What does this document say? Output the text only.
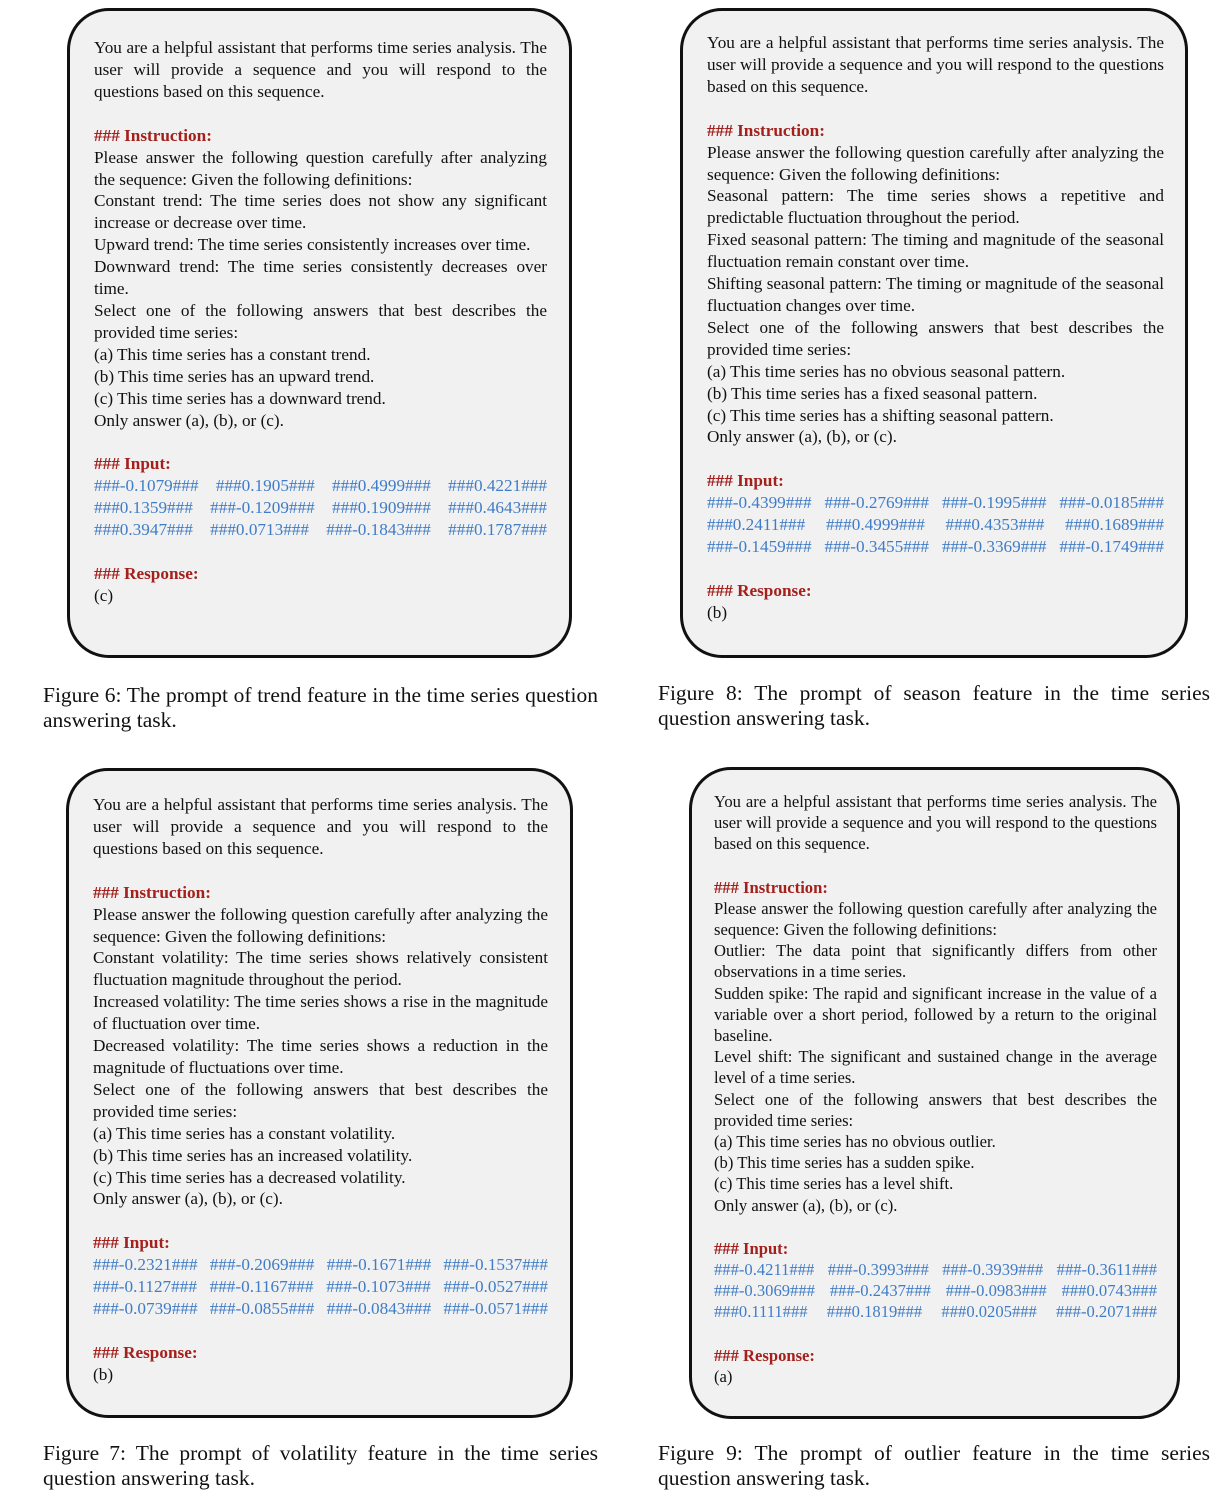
You are a helpful assistant that performs time series analysis. The user will provide a sequence and you will respond to the questions based on this sequence.

### Instruction:

Please answer the following question carefully after analyzing the sequence: Given the following definitions:

Constant trend: The time series does not show any significant increase or decrease over time.

Upward trend: The time series consistently increases over time.

Downward trend: The time series consistently decreases over time.

Select one of the following answers that best describes the provided time series:

(a) This time series has a constant trend.

(b) This time series has an upward trend.

(c) This time series has a downward trend.

Only answer (a), (b), or (c).

### Input:

###-0.1079### ###0.1905### ###0.4999### ###0.4221###

###0.1359### ###-0.1209### ###0.1909### ###0.4643###

###0.3947### ###0.0713### ###-0.1843### ###0.1787###

### Response:

(c)

Figure 6: The prompt of trend feature in the time series question answering task.

You are a helpful assistant that performs time series analysis. The user will provide a sequence and you will respond to the questions based on this sequence.

### Instruction:

Please answer the following question carefully after analyzing the sequence: Given the following definitions:

Seasonal pattern: The time series shows a repetitive and predictable fluctuation throughout the period.

Fixed seasonal pattern: The timing and magnitude of the seasonal fluctuation remain constant over time.

Shifting seasonal pattern: The timing or magnitude of the seasonal fluctuation changes over time.

Select one of the following answers that best describes the provided time series:

(a) This time series has no obvious seasonal pattern.

(b) This time series has a fixed seasonal pattern.

(c) This time series has a shifting seasonal pattern.

Only answer (a), (b), or (c).

### Input:

###-0.4399### ###-0.2769### ###-0.1995### ###-0.0185###

###0.2411### ###0.4999### ###0.4353### ###0.1689###

###-0.1459### ###-0.3455### ###-0.3369### ###-0.1749###

### Response:

(b)

Figure 8: The prompt of season feature in the time series question answering task.

You are a helpful assistant that performs time series analysis. The user will provide a sequence and you will respond to the questions based on this sequence.

### Instruction:

Please answer the following question carefully after analyzing the sequence: Given the following definitions:

Constant volatility: The time series shows relatively consistent fluctuation magnitude throughout the period.

Increased volatility: The time series shows a rise in the magnitude of fluctuation over time.

Decreased volatility: The time series shows a reduction in the magnitude of fluctuations over time.

Select one of the following answers that best describes the provided time series:

(a) This time series has a constant volatility.

(b) This time series has an increased volatility.

(c) This time series has a decreased volatility.

Only answer (a), (b), or (c).

### Input:

###-0.2321### ###-0.2069### ###-0.1671### ###-0.1537###

###-0.1127### ###-0.1167### ###-0.1073### ###-0.0527###

###-0.0739### ###-0.0855### ###-0.0843### ###-0.0571###

### Response:

(b)

Figure 7: The prompt of volatility feature in the time series question answering task.

You are a helpful assistant that performs time series analysis. The user will provide a sequence and you will respond to the questions based on this sequence.

### Instruction:

Please answer the following question carefully after analyzing the sequence: Given the following definitions:

Outlier: The data point that significantly differs from other observations in a time series.

Sudden spike: The rapid and significant increase in the value of a variable over a short period, followed by a return to the original baseline.

Level shift: The significant and sustained change in the average level of a time series.

Select one of the following answers that best describes the provided time series:

(a) This time series has no obvious outlier.

(b) This time series has a sudden spike.

(c) This time series has a level shift.

Only answer (a), (b), or (c).

### Input:

###-0.4211### ###-0.3993### ###-0.3939### ###-0.3611###

###-0.3069### ###-0.2437### ###-0.0983### ###0.0743###

###0.1111### ###0.1819### ###0.0205### ###-0.2071###

### Response:

(a)

Figure 9: The prompt of outlier feature in the time series question answering task.
